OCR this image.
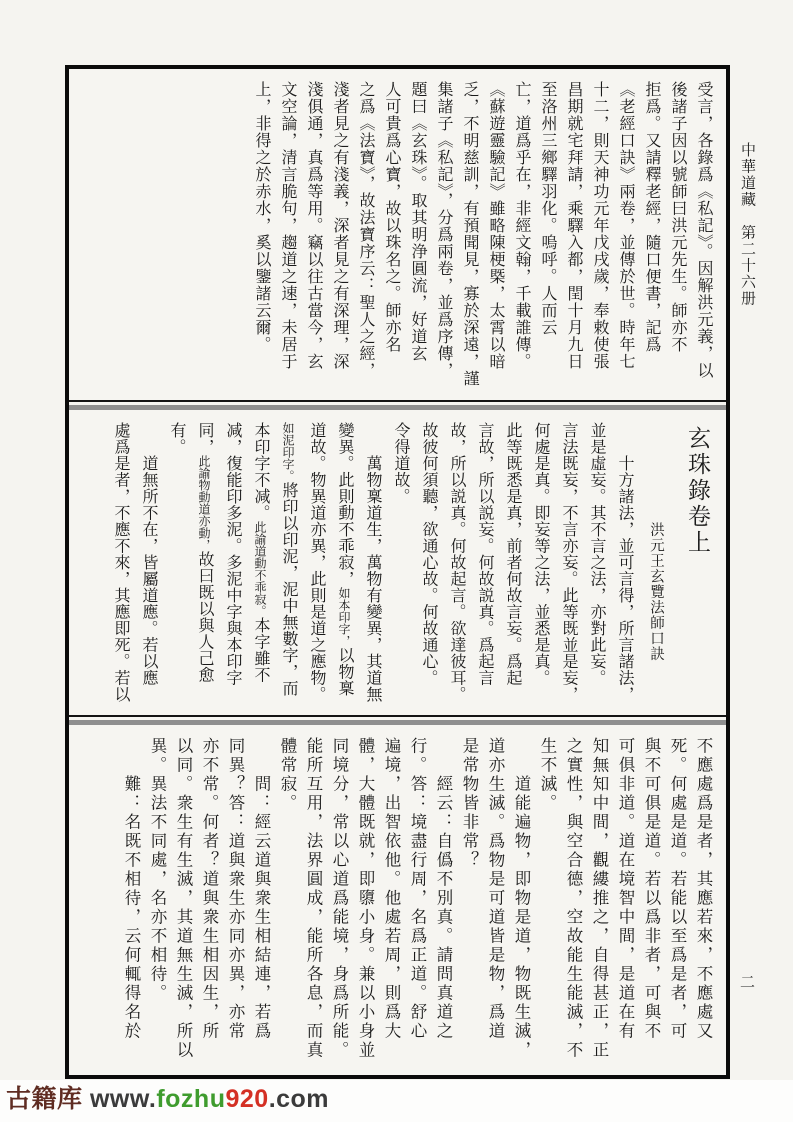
受言，各錄爲《私記》。因解洪元義，以
後諸子因以號師曰洪元先生。師亦不
拒爲。又請釋老經，隨口便書，記爲
《老經口訣》兩卷，並傳於世。時年七
十二，則天神功元年戊戌歲，奉敕使張
昌期就宅拜請，乘驛入都，閏十月九日
至洛州三鄉驛羽化。嗚呼。人而云
亡，道爲乎在，非經文翰，千載誰傳。
《蘇遊靈驗記》雖略陳梗槩，太霄以暗
乏，不明慈訓，有預聞見，寡於深遠，謹
集諸子《私記》，分爲兩卷，並爲序傳，
題曰《玄珠》。取其明浄圓流，好道玄
人可貴爲心寶，故以珠名之。師亦名
之爲《法寶》，故法寶序云：聖人之經，
淺者見之有淺義，深者見之有深理，深
淺俱通，真爲等用。竊以往古當今，玄
文空論，清言脆句，趨道之速，未居于
上，非得之於赤水，奚以鑒諸云爾。
玄珠錄卷上
洪元王玄覽法師口訣
　　十方諸法，並可言得，所言諸法，
並是虛妄。其不言之法，亦對此妄。
言法既妄，不言亦妄。此等既並是妄，
何處是真。即妄等之法，並悉是真。
此等既悉是真，前者何故言妄。爲起
言故，所以説妄。何故説真。爲起言
故，所以説真。何故起言。欲達彼耳。
故彼何須聽，欲通心故。何故通心。
令得道故。
　　萬物稟道生，萬物有變異，其道無
變異。此則動不乖寂，如本印字，以物稟
道故。物異道亦異，此則是道之應物。
如泥印字。將印以印泥，泥中無數字，而
本印字不减。此諭道動不乖寂。本字雖不
减，復能印多泥。多泥中字與本印字
同，此諭物動道亦動，故曰既以與人己愈
有。
　　道無所不在，皆屬道應。若以應
處爲是者，不應不來，其應即死。若以
不應處爲是者，其應若來，不應處又
死。何處是道。若能以至爲是者，可
與不可俱是道。若以爲非者，可與不
可俱非道。道在境智中間，是道在有
知無知中間，觀縷推之，自得甚正，正
之實性，與空合德，空故能生能滅，不
生不滅。
　　道能遍物，即物是道，物既生滅，
道亦生滅。爲物是可道皆是物，爲道
是常物皆非常？
　　經云：自僞不別真。請問真道之
行。答：境盡行周，名爲正道。舒心
遍境，出智依他。他處若周，則爲大
體，大體既就，即隳小身。兼以小身並
同境分，常以心道爲能境，身爲所能。
能所互用，法界圓成，能所各息，而真
體常寂。
　　問：經云道與衆生相結連，若爲
同異？答：道與衆生亦同亦異，亦常
亦不常。何者？道與衆生相因生，所
以同。衆生有生滅，其道無生滅，所以
異。異法不同處，名亦不相待。
　　難：名既不相待，云何輒得名於
中華道藏　第二十六册
二
古籍库 www.fozhu920.com
